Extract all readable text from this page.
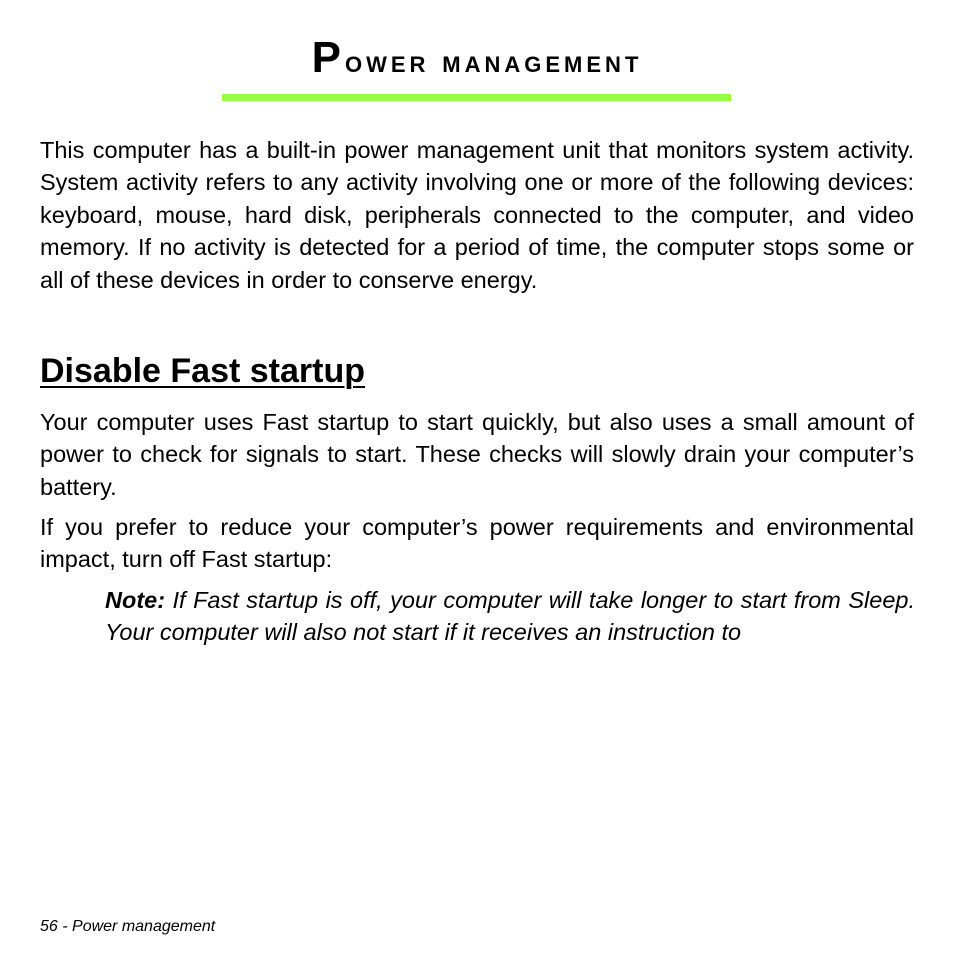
Power management

This computer has a built-in power management unit that monitors system activity. System activity refers to any activity involving one or more of the following devices: keyboard, mouse, hard disk, peripherals connected to the computer, and video memory. If no activity is detected for a period of time, the computer stops some or all of these devices in order to conserve energy.

Disable Fast startup

Your computer uses Fast startup to start quickly, but also uses a small amount of power to check for signals to start. These checks will slowly drain your computer’s battery.

If you prefer to reduce your computer’s power requirements and environmental impact, turn off Fast startup:

Note: If Fast startup is off, your computer will take longer to start from Sleep. Your computer will also not start if it receives an instruction to

56 - Power management
